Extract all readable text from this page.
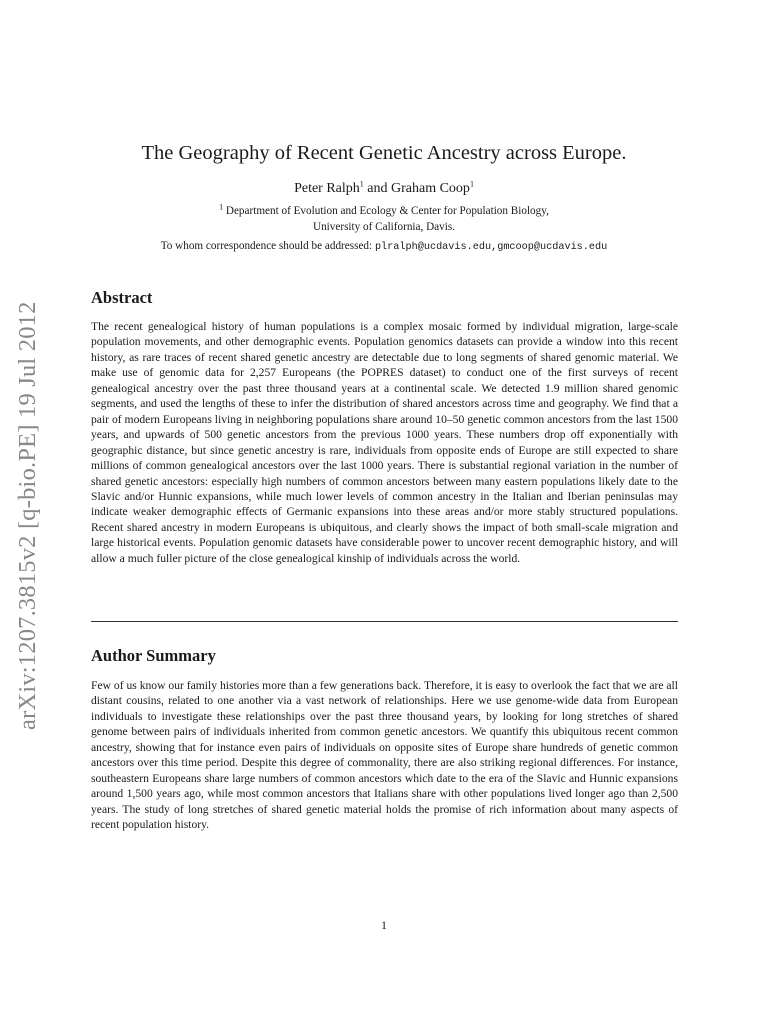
arXiv:1207.3815v2 [q-bio.PE] 19 Jul 2012
The Geography of Recent Genetic Ancestry across Europe.
Peter Ralph$^1$ and Graham Coop$^1$
$^1$ Department of Evolution and Ecology & Center for Population Biology,
University of California, Davis.
To whom correspondence should be addressed: plralph@ucdavis.edu,gmcoop@ucdavis.edu
Abstract
The recent genealogical history of human populations is a complex mosaic formed by individual migration, large-scale population movements, and other demographic events. Population genomics datasets can provide a window into this recent history, as rare traces of recent shared genetic ancestry are detectable due to long segments of shared genomic material. We make use of genomic data for 2,257 Europeans (the POPRES dataset) to conduct one of the first surveys of recent genealogical ancestry over the past three thousand years at a continental scale. We detected 1.9 million shared genomic segments, and used the lengths of these to infer the distribution of shared ancestors across time and geography. We find that a pair of modern Europeans living in neighboring populations share around 10–50 genetic common ancestors from the last 1500 years, and upwards of 500 genetic ancestors from the previous 1000 years. These numbers drop off exponentially with geographic distance, but since genetic ancestry is rare, individuals from opposite ends of Europe are still expected to share millions of common genealogical ancestors over the last 1000 years. There is substantial regional variation in the number of shared genetic ancestors: especially high numbers of common ancestors between many eastern populations likely date to the Slavic and/or Hunnic expansions, while much lower levels of common ancestry in the Italian and Iberian peninsulas may indicate weaker demographic effects of Germanic expansions into these areas and/or more stably structured populations. Recent shared ancestry in modern Europeans is ubiquitous, and clearly shows the impact of both small-scale migration and large historical events. Population genomic datasets have considerable power to uncover recent demographic history, and will allow a much fuller picture of the close genealogical kinship of individuals across the world.
Author Summary
Few of us know our family histories more than a few generations back. Therefore, it is easy to overlook the fact that we are all distant cousins, related to one another via a vast network of relationships. Here we use genome-wide data from European individuals to investigate these relationships over the past three thousand years, by looking for long stretches of shared genome between pairs of individuals inherited from common genetic ancestors. We quantify this ubiquitous recent common ancestry, showing that for instance even pairs of individuals on opposite sites of Europe share hundreds of genetic common ancestors over this time period. Despite this degree of commonality, there are also striking regional differences. For instance, southeastern Europeans share large numbers of common ancestors which date to the era of the Slavic and Hunnic expansions around 1,500 years ago, while most common ancestors that Italians share with other populations lived longer ago than 2,500 years. The study of long stretches of shared genetic material holds the promise of rich information about many aspects of recent population history.
1
